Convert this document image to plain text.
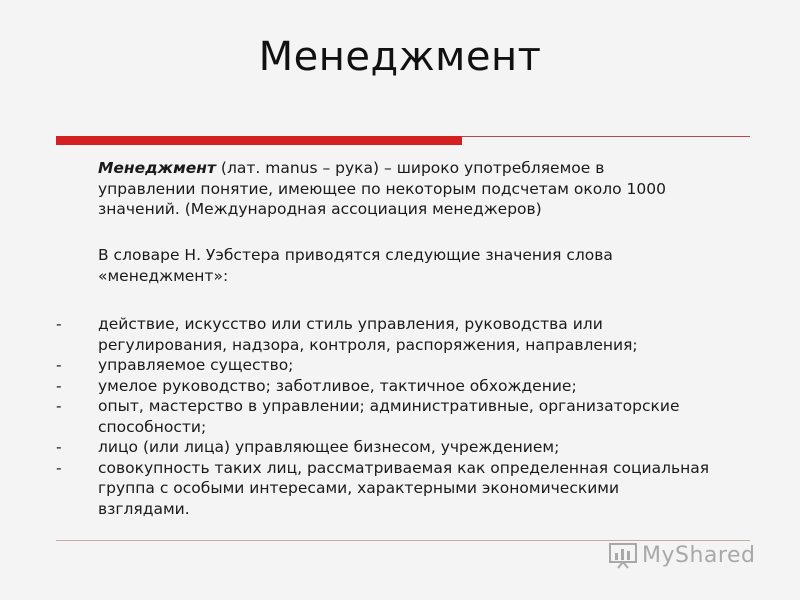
Менеджмент
Менеджмент (лат. manus – рука) – широко употребляемое в
управлении понятие, имеющее по некоторым подсчетам около 1000
значений. (Международная ассоциация менеджеров)
В словаре Н. Уэбстера приводятся следующие значения слова
«менеджмент»:
- действие, искусство или стиль управления, руководства или
регулирования, надзора, контроля, распоряжения, направления;
- управляемое существо;
- умелое руководство; заботливое, тактичное обхождение;
- опыт, мастерство в управлении; административные, организаторские
способности;
- лицо (или лица) управляющее бизнесом, учреждением;
- совокупность таких лиц, рассматриваемая как определенная социальная
группа с особыми интересами, характерными экономическими
взглядами.
MyShared
